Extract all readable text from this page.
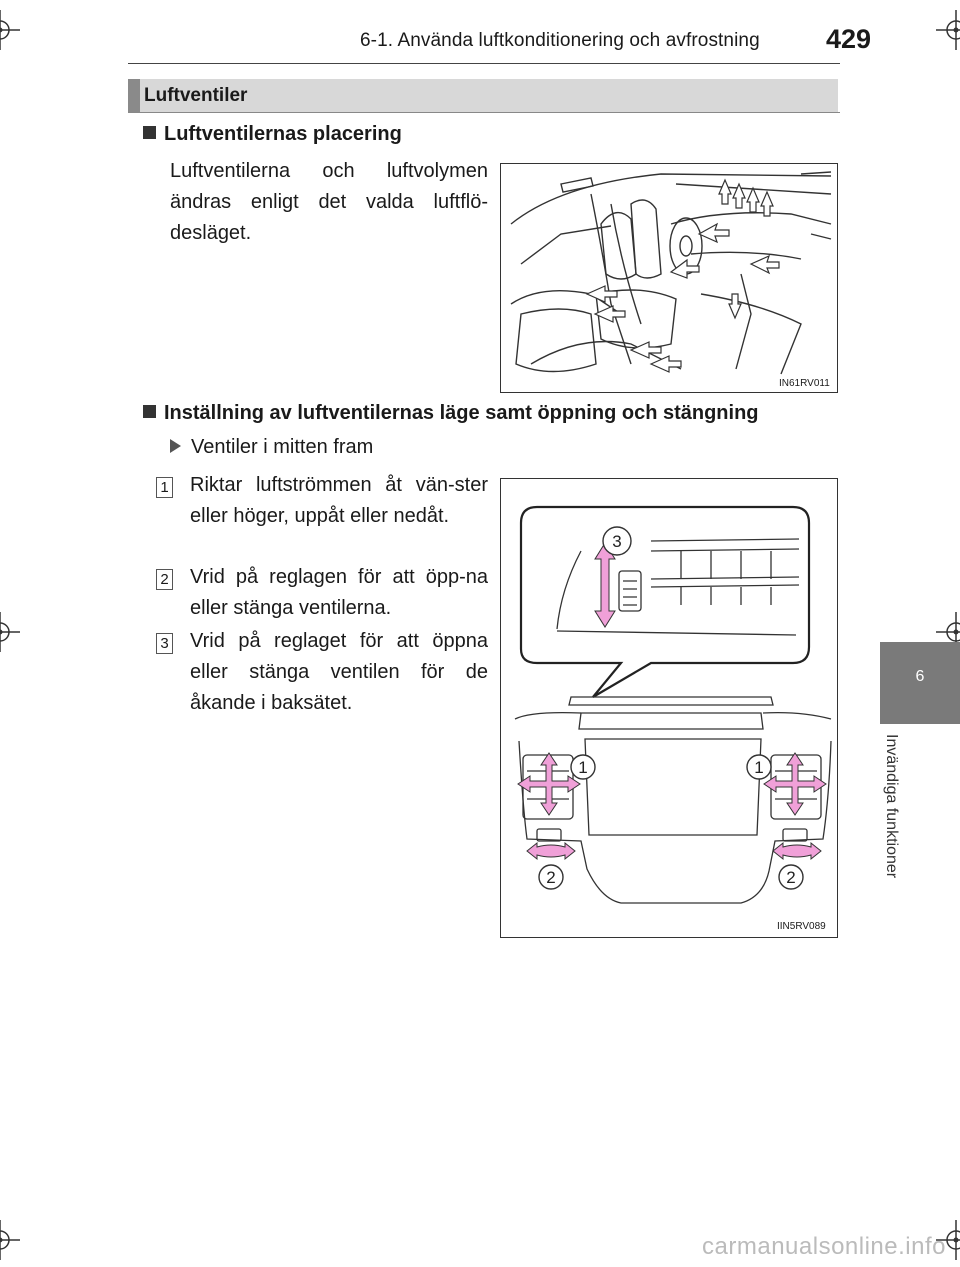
6-1. Använda luftkonditionering och avfrostning 429
Luftventiler
6
Invändiga funktioner
Luftventilernas placering
Luftventilerna och luftvolymen ändras enligt det valda luftflö-desläget.
IN61RV011
Inställning av luftventilernas läge samt öppning och stängning
Ventiler i mitten fram
1 Riktar luftströmmen åt vän-ster eller höger, uppåt eller nedåt.
2 Vrid på reglagen för att öpp-na eller stänga ventilerna.
3 Vrid på reglaget för att öppna eller stänga ventilen för de åkande i baksätet.
3
1	1
2	2
IIN5RV089
carmanualsonline.info
